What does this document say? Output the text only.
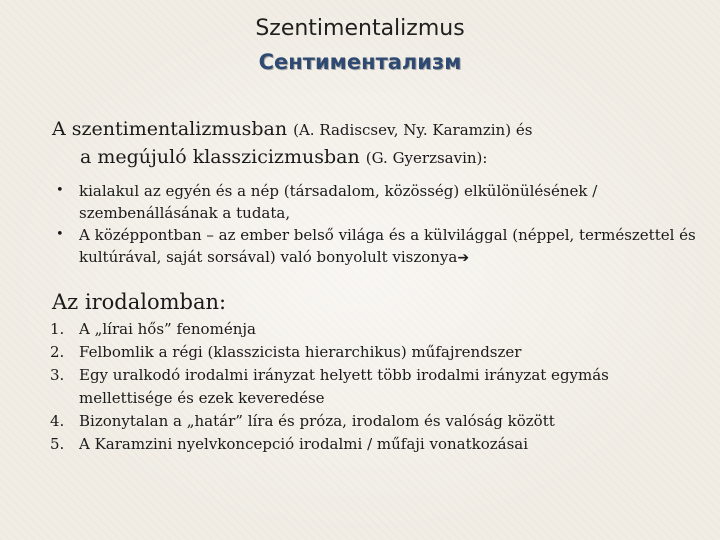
Szentimentalizmus
Сентиментализм
A szentimentalizmusban (A. Radiscsev, Ny. Karamzin) és
a megújuló klasszicizmusban (G. Gyerzsavin):
• kialakul az egyén és a nép (társadalom, közösség) elkülönülésének / szembenállásának a tudata,
• A középpontban – az ember belső világa és a külvilággal (néppel, természettel és kultúrával, saját sorsával) való bonyolult viszonya➔
Az irodalomban:
1. A „lírai hős” fenoménja
2. Felbomlik a régi (klasszicista hierarchikus) műfajrendszer
3. Egy uralkodó irodalmi irányzat helyett több irodalmi irányzat egymás mellettisége és ezek keveredése
4. Bizonytalan a „határ” líra és próza, irodalom és valóság között
5. A Karamzini nyelvkoncepció irodalmi / műfaji vonatkozásai
